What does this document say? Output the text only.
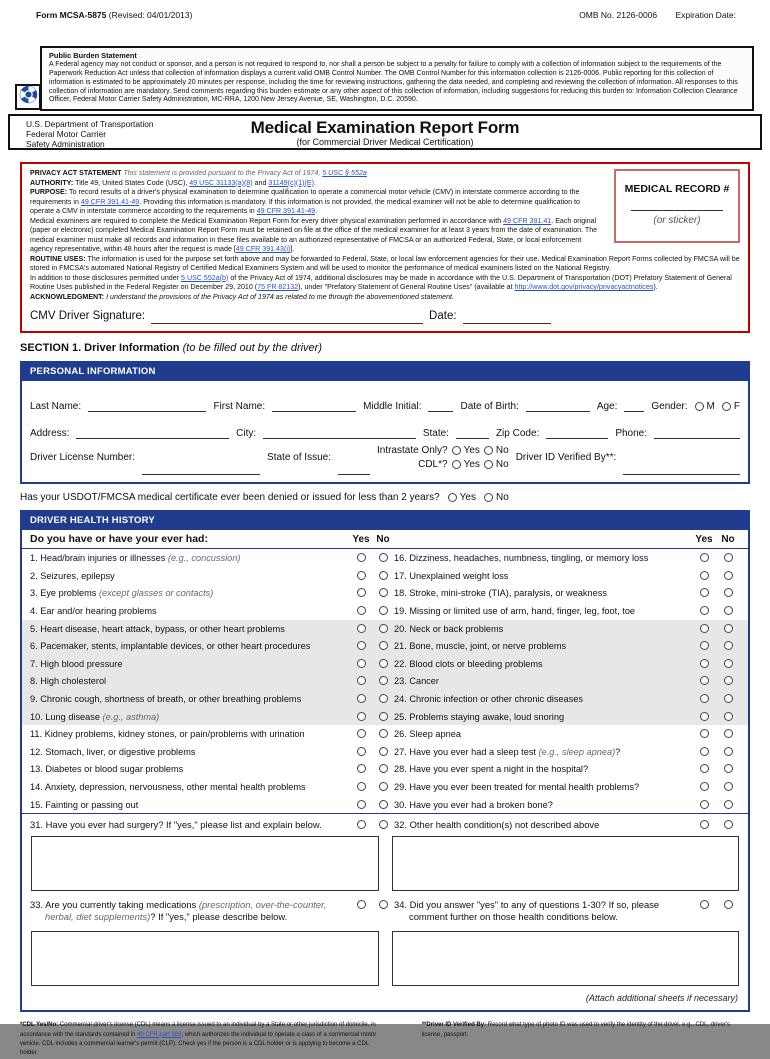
Form MCSA-5875 (Revised: 04/01/2013)	OMB No. 2126-0006 Expiration Date:
Public Burden Statement
A Federal agency may not conduct or sponsor, and a person is not required to respond to, nor shall a person be subject to a penalty for failure to comply with a collection of information subject to the requirements of the Paperwork Reduction Act unless that collection of information displays a current valid OMB Control Number. The OMB Control Number for this information collection is 2126-0006. Public reporting for this collection of information is estimated to be approximately 20 minutes per response, including the time for reviewing instructions, gathering the data needed, and completing and reviewing the collection of information. All responses to this collection of information are mandatory. Send comments regarding this burden estimate or any other aspect of this collection of information, including suggestions for reducing this burden to: Information Collection Clearance Officer, Federal Motor Carrier Safety Administration, MC-RRA, 1200 New Jersey Avenue, SE, Washington, D.C. 20590.
U.S. Department of Transportation
Federal Motor Carrier
Safety Administration
Medical Examination Report Form
(for Commercial Driver Medical Certification)
MEDICAL RECORD #
(or sticker)
PRIVACY ACT STATEMENT This statement is provided pursuant to the Privacy Act of 1974, 5 USC § 552a
AUTHORITY: Title 49, United States Code (USC), 49 USC 31133(a)(8) and 31149(c)(1)(E).
PURPOSE: To record results of a driver's physical examination to determine qualification to operate a commercial motor vehicle (CMV) in interstate commerce according to the requirements in 49 CFR 391.41-49. Providing this information is mandatory. If this information is not provided, the medical examiner will not be able to determine qualification to operate a CMV in interstate commerce according to the requirements in 49 CFR 391.41-49.
Medical examiners are required to complete the Medical Examination Report Form for every driver physical examination performed in accordance with 49 CFR 391.41. Each original (paper or electronic) completed Medical Examination Report Form must be retained on file at the office of the medical examiner for at least 3 years from the date of examination. The medical examiner must make all records and information in these files available to an authorized representative of FMCSA or an authorized Federal, State, or local enforcement agency representative, within 48 hours after the request is made [49 CFR 391.43(i)].
ROUTINE USES: The information is used for the purpose set forth above and may be forwarded to Federal, State, or local law enforcement agencies for their use. Medical Examination Report Forms collected by FMCSA will be stored in FMCSA's automated National Registry of Certified Medical Examiners System and will be used to monitor the performance of medical examiners listed on the National Registry.
In addition to those disclosures permitted under 5 USC 552a(b) of the Privacy Act of 1974, additional disclosures may be made in accordance with the U.S. Department of Transportation (DOT) Prefatory Statement of General Routine Uses published in the Federal Register on December 29, 2010 (75 FR 82132), under "Prefatory Statement of General Routine Uses" (available at http://www.dot.gov/privacy/privacyactnotices).
ACKNOWLEDGMENT: I understand the provisions of the Privacy Act of 1974 as related to me through the abovementioned statement.
CMV Driver Signature:	Date:
SECTION 1. Driver Information (to be filled out by the driver)
PERSONAL INFORMATION
Last Name:	First Name:	Middle Initial:	Date of Birth:	Age:	Gender: M F
Address:	City:	State:	Zip Code:	Phone:
Driver License Number:	State of Issue:
Intrastate Only? Yes No
CDL*? Yes No
Driver ID Verified By**:
Has your USDOT/FMCSA medical certificate ever been denied or issued for less than 2 years? Yes No
DRIVER HEALTH HISTORY
Do you have or have your ever had:	Yes No	Yes No
1. Head/brain injuries or illnesses (e.g., concussion)	16. Dizziness, headaches, numbness, tingling, or memory loss
2. Seizures, epilepsy	17. Unexplained weight loss
3. Eye problems (except glasses or contacts)	18. Stroke, mini-stroke (TIA), paralysis, or weakness
4. Ear and/or hearing problems	19. Missing or limited use of arm, hand, finger, leg, foot, toe
5. Heart disease, heart attack, bypass, or other heart problems	20. Neck or back problems
6. Pacemaker, stents, implantable devices, or other heart procedures	21. Bone, muscle, joint, or nerve problems
7. High blood pressure	22. Blood clots or bleeding problems
8. High cholesterol	23. Cancer
9. Chronic cough, shortness of breath, or other breathing problems	24. Chronic infection or other chronic diseases
10. Lung disease (e.g., asthma)	25. Problems staying awake, loud snoring
11. Kidney problems, kidney stones, or pain/problems with urination	26. Sleep apnea
12. Stomach, liver, or digestive problems	27. Have you ever had a sleep test (e.g., sleep apnea)?
13. Diabetes or blood sugar problems	28. Have you ever spent a night in the hospital?
14. Anxiety, depression, nervousness, other mental health problems	29. Have you ever been treated for mental health problems?
15. Fainting or passing out	30. Have you ever had a broken bone?
31. Have you ever had surgery? If "yes," please list and explain below.	32. Other health condition(s) not described above
33. Are you currently taking medications (prescription, over-the-counter, herbal, diet supplements)? If "yes," please describe below.
34. Did you answer "yes" to any of questions 1-30? If so, please comment further on those health conditions below.
(Attach additional sheets if necessary)
*CDL Yes/No: Commercial driver's license (CDL) means a license issued to an individual by a State or other jurisdiction of domicile, in accordance with the standards contained in 49 CFR part 383, which authorizes the individual to operate a class of a commercial motor vehicle. CDL includes a commercial learner's permit (CLP). Check yes if the person is a CDL holder or is applying to become a CDL holder.
**Driver ID Verified By: Record what type of photo ID was used to verify the identity of the driver, e.g., CDL, driver's license, passport.
